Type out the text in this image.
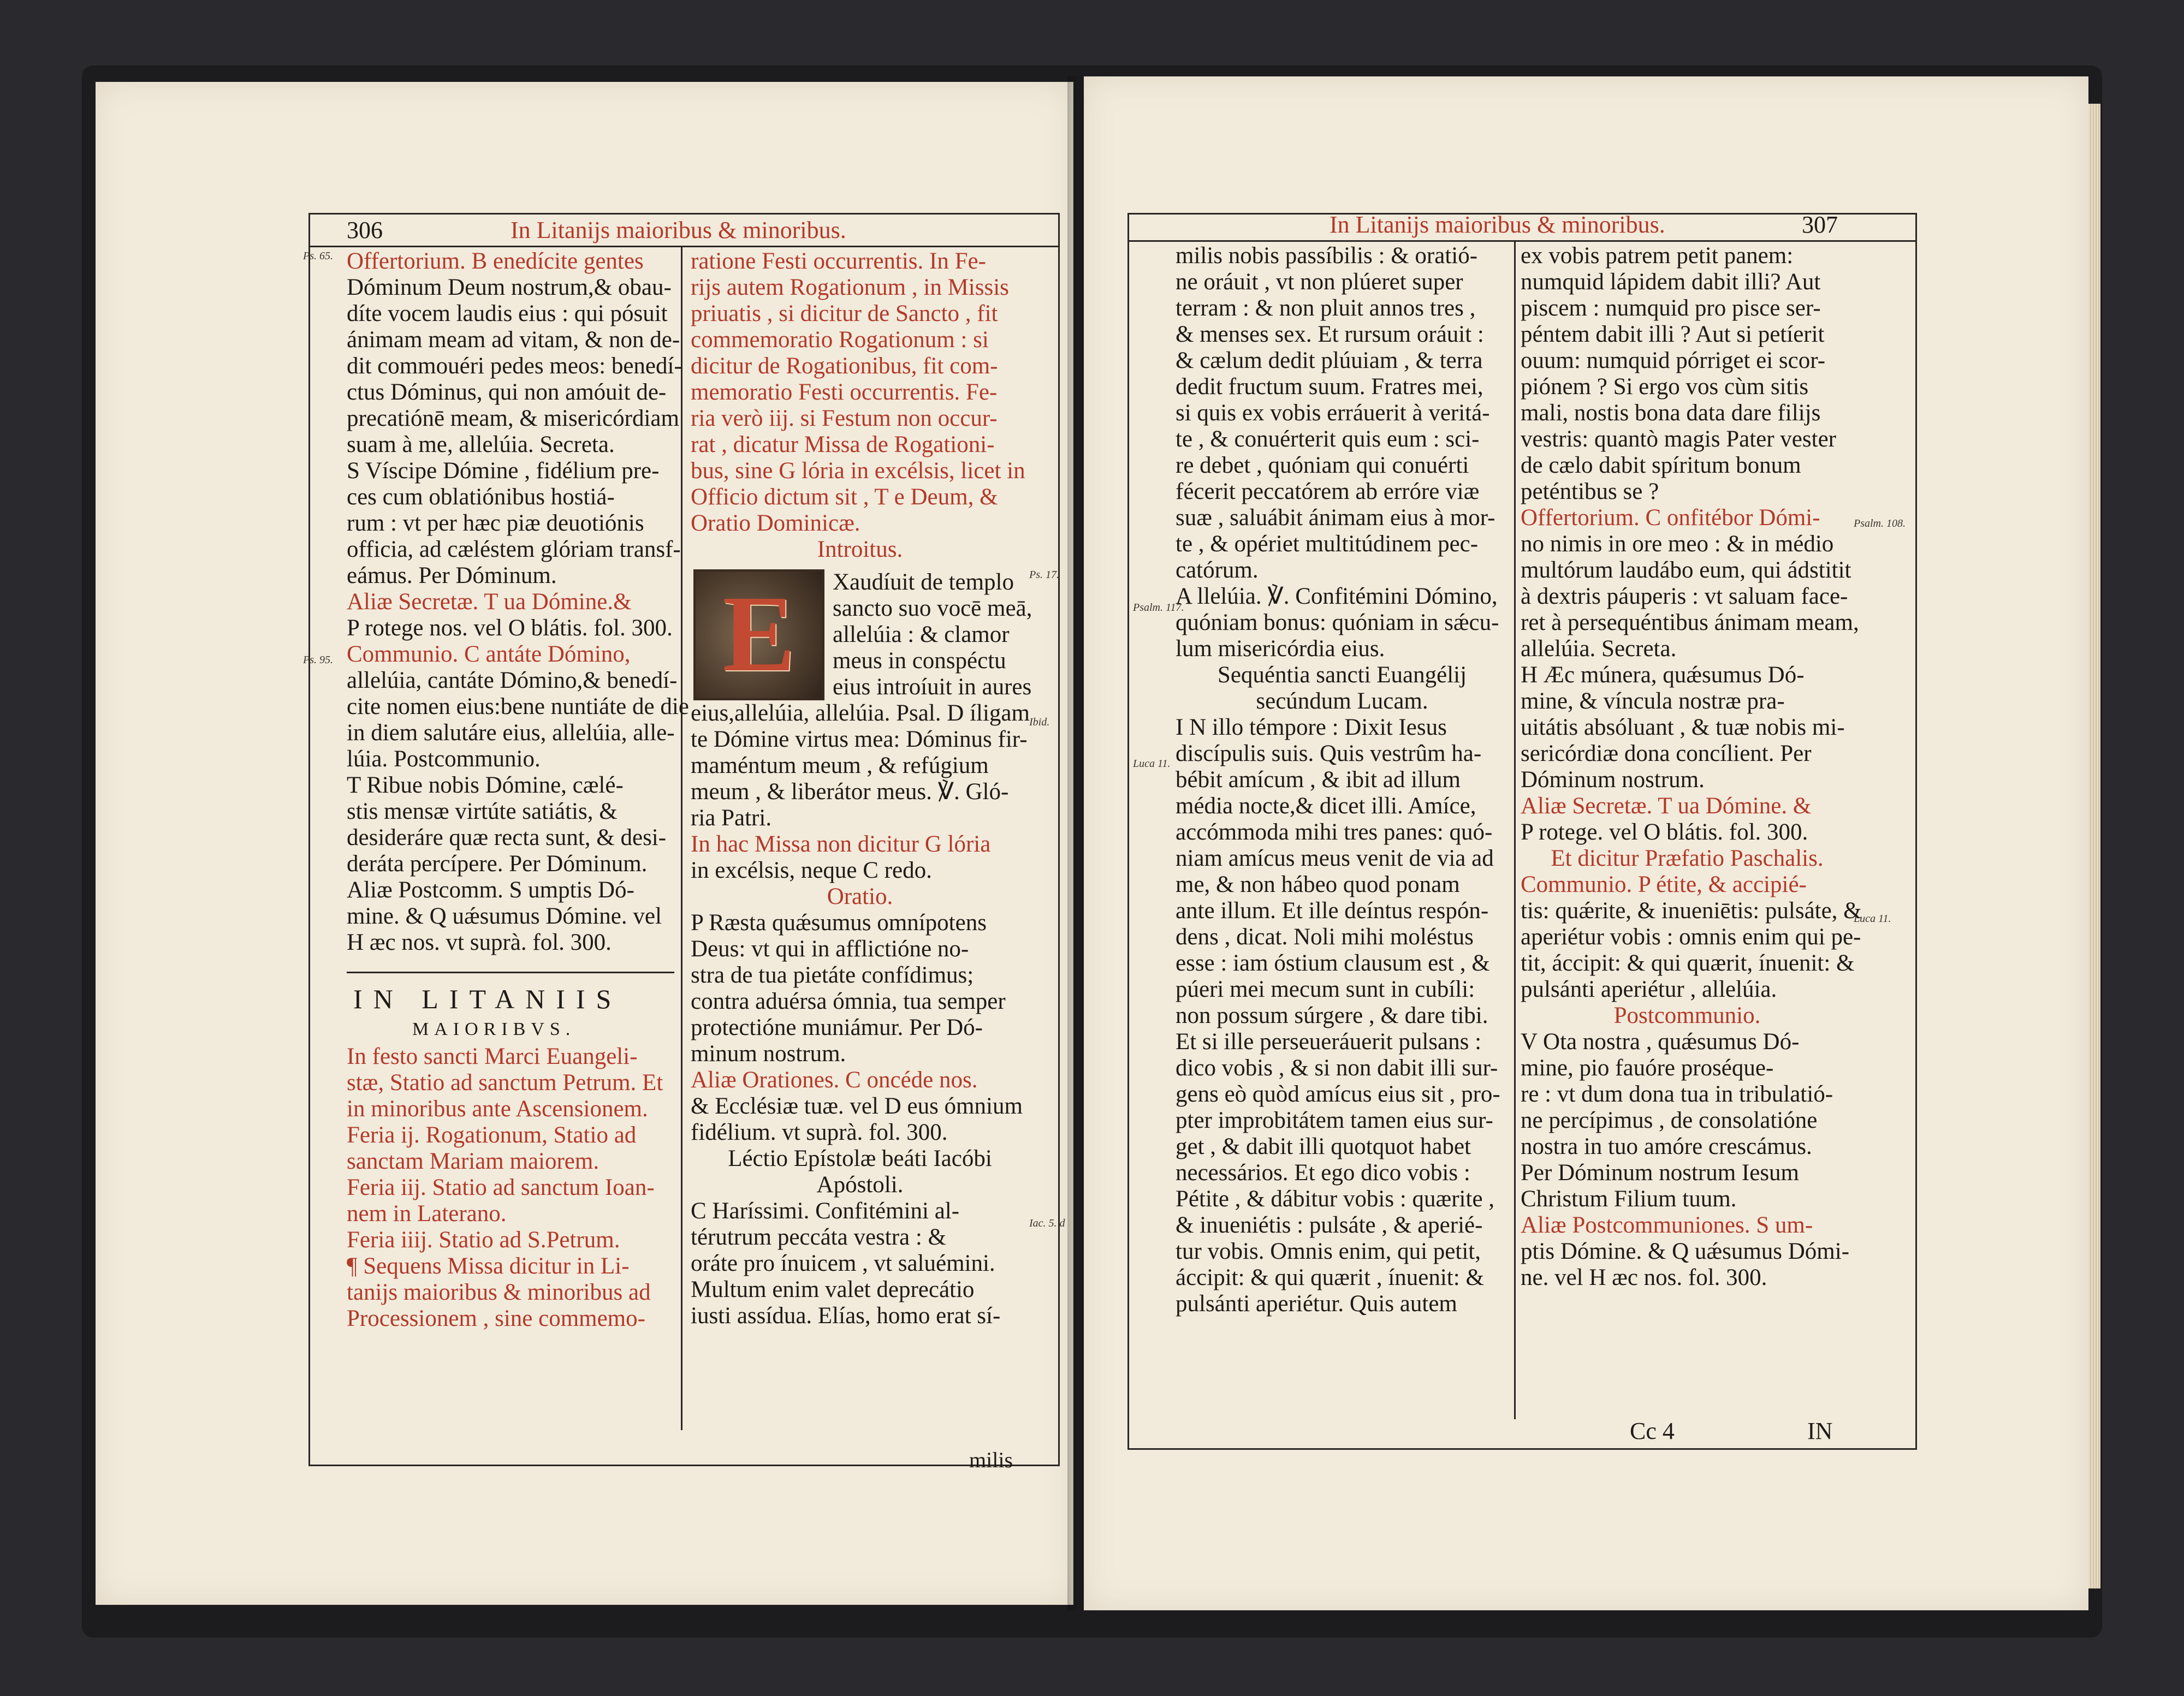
306	In Litanijs maioribus & minoribus.
Ps. 65.
Ps. 95.
Ps. 17.
Ibid.
Iac. 5. d
Offertorium. B enedícite gentes
Dóminum Deum nostrum,& obau-
díte vocem laudis eius : qui pósuit
ánimam meam ad vitam, & non de-
dit commouéri pedes meos: benedí-
ctus Dóminus, qui non amóuit de-
precatiónē meam, & misericórdiam
suam à me, allelúia. Secreta.
S Víscipe Dómine , fidélium pre-
ces cum oblatiónibus hostiá-
rum : vt per hæc piæ deuotiónis
officia, ad cæléstem glóriam transf-
eámus. Per Dóminum.
Aliæ Secretæ. T ua Dómine.&
P rotege nos. vel O blátis. fol. 300.
Communio. C antáte Dómino,
allelúia, cantáte Dómino,& benedí-
cite nomen eius:bene nuntiáte de die
in diem salutáre eius, allelúia, alle-
lúia. Postcommunio.
T Ribue nobis Dómine, cælé-
stis mensæ virtúte satiátis, &
desideráre quæ recta sunt, & desi-
deráta percípere. Per Dóminum.
Aliæ Postcomm. S umptis Dó-
mine. & Q uǽsumus Dómine. vel
H æc nos. vt suprà. fol. 300.
IN LITANIIS
MAIORIBVS.
In festo sancti Marci Euangeli-
stæ, Statio ad sanctum Petrum. Et
in minoribus ante Ascensionem.
Feria ij. Rogationum, Statio ad
sanctam Mariam maiorem.
Feria iij. Statio ad sanctum Ioan-
nem in Laterano.
Feria iiij. Statio ad S.Petrum.
¶ Sequens Missa dicitur in Li-
tanijs maioribus & minoribus ad
Processionem , sine commemo-
ratione Festi occurrentis. In Fe-
rijs autem Rogationum , in Missis
priuatis , si dicitur de Sancto , fit
commemoratio Rogationum : si
dicitur de Rogationibus, fit com-
memoratio Festi occurrentis. Fe-
ria verò iij. si Festum non occur-
rat , dicatur Missa de Rogationi-
bus, sine G lória in excélsis, licet in
Officio dictum sit , T e Deum, &
Oratio Dominicæ.
Introitus.
E	Xaudíuit de templo
sancto suo vocē meā,
allelúia : & clamor
meus in conspéctu
eius introíuit in aures
eius,allelúia, allelúia. Psal. D íligam
te Dómine virtus mea: Dóminus fir-
maméntum meum , & refúgium
meum , & liberátor meus. ℣. Gló-
ria Patri.
In hac Missa non dicitur G lória
in excélsis, neque C redo.
Oratio.
P Ræsta quǽsumus omnípotens
Deus: vt qui in afflictióne no-
stra de tua pietáte confídimus;
contra aduérsa ómnia, tua semper
protectióne muniámur. Per Dó-
minum nostrum.
Aliæ Orationes. C oncéde nos.
& Ecclésiæ tuæ. vel D eus ómnium
fidélium. vt suprà. fol. 300.
Léctio Epístolæ beáti Iacóbi
Apóstoli.
C Haríssimi. Confitémini al-
térutrum peccáta vestra : &
oráte pro ínuicem , vt saluémini.
Multum enim valet deprecátio
iusti assídua. Elías, homo erat sí-
milis
In Litanijs maioribus & minoribus.	307
Psalm. 117.
Luca 11.
Psalm. 108.
Luca 11.
milis nobis passíbilis : & oratió-
ne oráuit , vt non plúeret super
terram : & non pluit annos tres ,
& menses sex. Et rursum oráuit :
& cælum dedit plúuiam , & terra
dedit fructum suum. Fratres mei,
si quis ex vobis erráuerit à veritá-
te , & conuérterit quis eum : sci-
re debet , quóniam qui conuérti
fécerit peccatórem ab erróre viæ
suæ , saluábit ánimam eius à mor-
te , & opériet multitúdinem pec-
catórum.
A llelúia. ℣. Confitémini Dómino,
quóniam bonus: quóniam in sǽcu-
lum misericórdia eius.
Sequéntia sancti Euangélij
secúndum Lucam.
I N illo témpore : Dixit Iesus
discípulis suis. Quis vestrûm ha-
bébit amícum , & ibit ad illum
média nocte,& dicet illi. Amíce,
accómmoda mihi tres panes: quó-
niam amícus meus venit de via ad
me, & non hábeo quod ponam
ante illum. Et ille deíntus respón-
dens , dicat. Noli mihi moléstus
esse : iam óstium clausum est , &
púeri mei mecum sunt in cubíli:
non possum súrgere , & dare tibi.
Et si ille perseueráuerit pulsans :
dico vobis , & si non dabit illi sur-
gens eò quòd amícus eius sit , pro-
pter improbitátem tamen eius sur-
get , & dabit illi quotquot habet
necessários. Et ego dico vobis :
Pétite , & dábitur vobis : quærite ,
& inueniétis : pulsáte , & aperié-
tur vobis. Omnis enim, qui petit,
áccipit: & qui quærit , ínuenit: &
pulsánti aperiétur. Quis autem
ex vobis patrem petit panem:
numquid lápidem dabit illi? Aut
piscem : numquid pro pisce ser-
péntem dabit illi ? Aut si petíerit
ouum: numquid pórriget ei scor-
piónem ? Si ergo vos cùm sitis
mali, nostis bona data dare filijs
vestris: quantò magis Pater vester
de cælo dabit spíritum bonum
peténtibus se ?
Offertorium. C onfitébor Dómi-
no nimis in ore meo : & in médio
multórum laudábo eum, qui ádstitit
à dextris páuperis : vt saluam face-
ret à persequéntibus ánimam meam,
allelúia. Secreta.
H Æc múnera, quǽsumus Dó-
mine, & víncula nostræ pra-
uitátis absóluant , & tuæ nobis mi-
sericórdiæ dona concílient. Per
Dóminum nostrum.
Aliæ Secretæ. T ua Dómine. &
P rotege. vel O blátis. fol. 300.
Et dicitur Præfatio Paschalis.
Communio. P étite, & accipié-
tis: quǽrite, & inueniētis: pulsáte, &
aperiétur vobis : omnis enim qui pe-
tit, áccipit: & qui quærit, ínuenit: &
pulsánti aperiétur , allelúia.
Postcommunio.
V Ota nostra , quǽsumus Dó-
mine, pio fauóre proséque-
re : vt dum dona tua in tribulatió-
ne percípimus , de consolatióne
nostra in tuo amóre crescámus.
Per Dóminum nostrum Iesum
Christum Filium tuum.
Aliæ Postcommuniones. S um-
ptis Dómine. & Q uǽsumus Dómi-
ne. vel H æc nos. fol. 300.
Cc 4	IN
